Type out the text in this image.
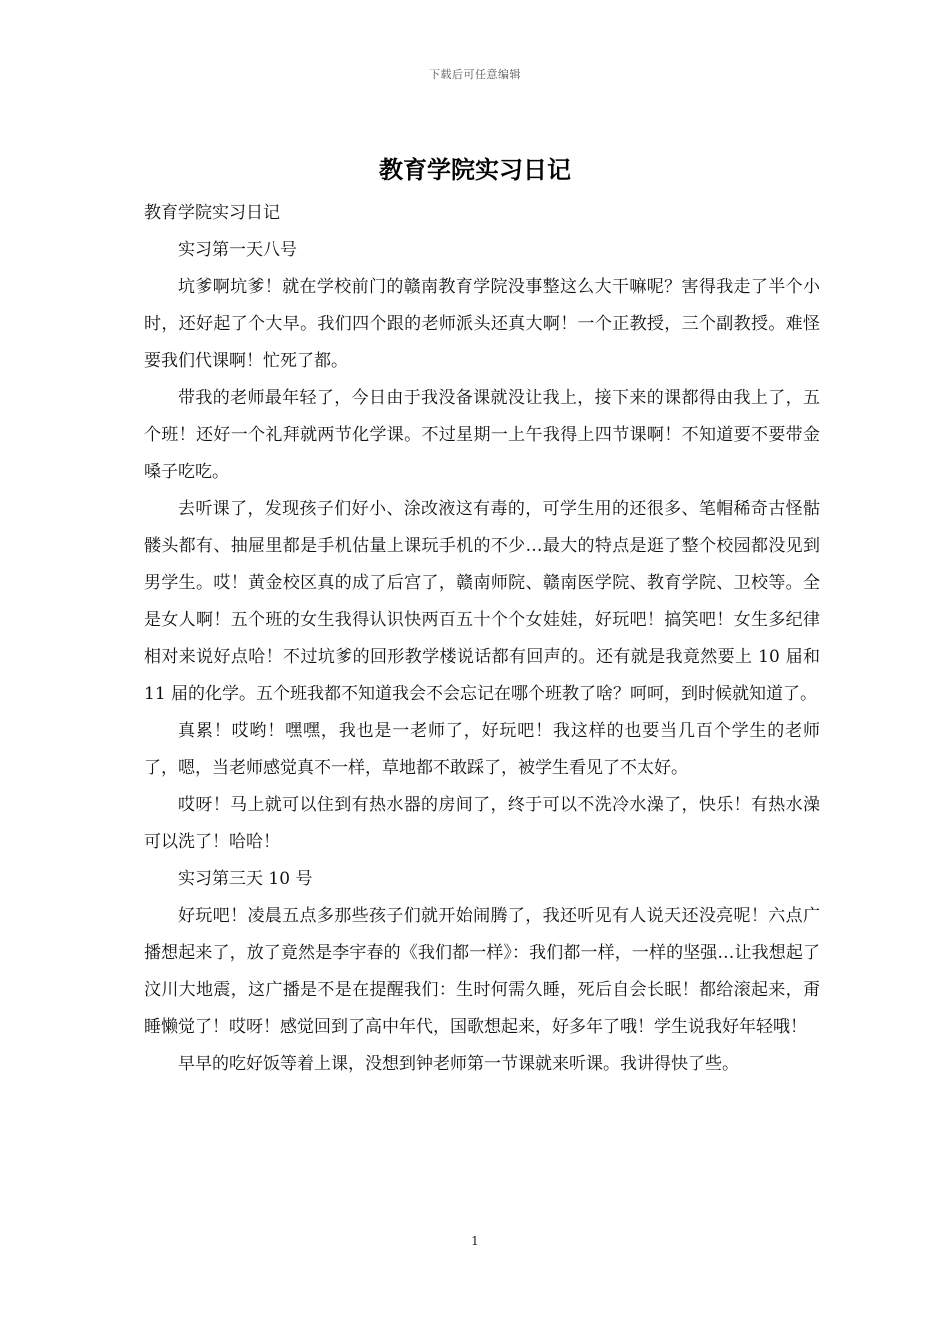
下载后可任意编辑
教育学院实习日记

教育学院实习日记

实习第一天八号

坑爹啊坑爹！就在学校前门的赣南教育学院没事整这么大干嘛呢？害得我走了半个小时，还好起了个大早。我们四个跟的老师派头还真大啊！一个正教授，三个副教授。难怪要我们代课啊！忙死了都。

带我的老师最年轻了，今日由于我没备课就没让我上，接下来的课都得由我上了，五个班！还好一个礼拜就两节化学课。不过星期一上午我得上四节课啊！不知道要不要带金嗓子吃吃。

去听课了，发现孩子们好小、涂改液这有毒的，可学生用的还很多、笔帽稀奇古怪骷髅头都有、抽屉里都是手机估量上课玩手机的不少…最大的特点是逛了整个校园都没见到男学生。哎！黄金校区真的成了后宫了，赣南师院、赣南医学院、教育学院、卫校等。全是女人啊！五个班的女生我得认识快两百五十个个女娃娃，好玩吧！搞笑吧！女生多纪律相对来说好点哈！不过坑爹的回形教学楼说话都有回声的。还有就是我竟然要上 10 届和 11 届的化学。五个班我都不知道我会不会忘记在哪个班教了啥？呵呵，到时候就知道了。

真累！哎哟！嘿嘿，我也是一老师了，好玩吧！我这样的也要当几百个学生的老师了，嗯，当老师感觉真不一样，草地都不敢踩了，被学生看见了不太好。

哎呀！马上就可以住到有热水器的房间了，终于可以不洗冷水澡了，快乐！有热水澡可以洗了！哈哈！

实习第三天 10 号

好玩吧！凌晨五点多那些孩子们就开始闹腾了，我还听见有人说天还没亮呢！六点广播想起来了，放了竟然是李宇春的《我们都一样》：我们都一样，一样的坚强…让我想起了汶川大地震，这广播是不是在提醒我们：生时何需久睡，死后自会长眠！都给滚起来，甭睡懒觉了！哎呀！感觉回到了高中年代，国歌想起来，好多年了哦！学生说我好年轻哦！

早早的吃好饭等着上课，没想到钟老师第一节课就来听课。我讲得快了些。

1
